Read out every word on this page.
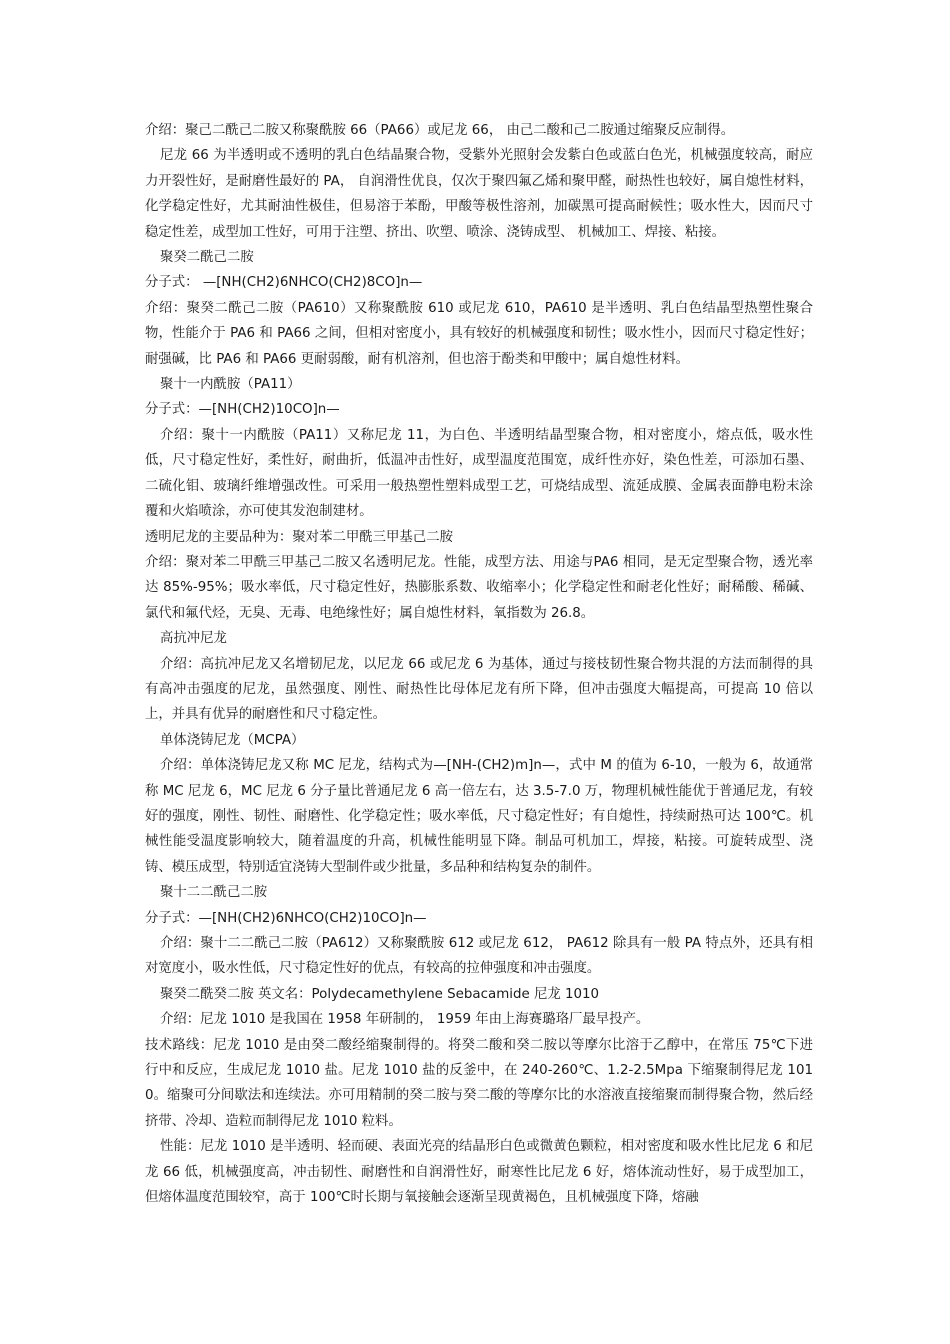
介绍：聚己二酰己二胺又称聚酰胺 66（PA66）或尼龙 66， 由己二酸和己二胺通过缩聚反应制得。

尼龙 66 为半透明或不透明的乳白色结晶聚合物，受紫外光照射会发紫白色或蓝白色光，机械强度较高，耐应力开裂性好，是耐磨性最好的 PA， 自润滑性优良，仅次于聚四氟乙烯和聚甲醛，耐热性也较好，属自熄性材料，化学稳定性好，尤其耐油性极佳，但易溶于苯酚，甲酸等极性溶剂，加碳黑可提高耐候性；吸水性大，因而尺寸稳定性差，成型加工性好，可用于注塑、挤出、吹塑、喷涂、浇铸成型、 机械加工、焊接、粘接。

聚癸二酰己二胺

分子式： —[NH(CH2)6NHCO(CH2)8CO]n—

介绍：聚癸二酰己二胺（PA610）又称聚酰胺 610 或尼龙 610，PA610 是半透明、乳白色结晶型热塑性聚合物，性能介于 PA6 和 PA66 之间，但相对密度小，具有较好的机械强度和韧性；吸水性小，因而尺寸稳定性好；耐强碱，比 PA6 和 PA66 更耐弱酸，耐有机溶剂，但也溶于酚类和甲酸中；属自熄性材料。

聚十一内酰胺（PA11）

分子式：—[NH(CH2)10CO]n—

介绍：聚十一内酰胺（PA11）又称尼龙 11，为白色、半透明结晶型聚合物，相对密度小，熔点低，吸水性低，尺寸稳定性好，柔性好，耐曲折，低温冲击性好，成型温度范围宽，成纤性亦好，染色性差，可添加石墨、二硫化钼、玻璃纤维增强改性。可采用一般热塑性塑料成型工艺，可烧结成型、流延成膜、金属表面静电粉末涂覆和火焰喷涂，亦可使其发泡制建材。

透明尼龙的主要品种为：聚对苯二甲酰三甲基己二胺

介绍：聚对苯二甲酰三甲基己二胺又名透明尼龙。性能，成型方法、用途与PA6 相同，是无定型聚合物，透光率达 85%-95%；吸水率低，尺寸稳定性好，热膨胀系数、收缩率小；化学稳定性和耐老化性好；耐稀酸、稀碱、氯代和氟代烃，无臭、无毒、电绝缘性好；属自熄性材料，氧指数为 26.8。

高抗冲尼龙

介绍：高抗冲尼龙又名增韧尼龙，以尼龙 66 或尼龙 6 为基体，通过与接枝韧性聚合物共混的方法而制得的具有高冲击强度的尼龙，虽然强度、刚性、耐热性比母体尼龙有所下降，但冲击强度大幅提高，可提高 10 倍以上，并具有优异的耐磨性和尺寸稳定性。

单体浇铸尼龙（MCPA）

介绍：单体浇铸尼龙又称 MC 尼龙，结构式为—[NH-(CH2)m]n—，式中 M 的值为 6-10，一般为 6，故通常称 MC 尼龙 6，MC 尼龙 6 分子量比普通尼龙 6 高一倍左右，达 3.5-7.0 万，物理机械性能优于普通尼龙，有较好的强度，刚性、韧性、耐磨性、化学稳定性；吸水率低，尺寸稳定性好；有自熄性，持续耐热可达 100℃。机械性能受温度影响较大，随着温度的升高，机械性能明显下降。制品可机加工，焊接，粘接。可旋转成型、浇铸、模压成型，特别适宜浇铸大型制件或少批量，多品种和结构复杂的制件。

聚十二二酰己二胺

分子式：—[NH(CH2)6NHCO(CH2)10CO]n—

介绍：聚十二二酰己二胺（PA612）又称聚酰胺 612 或尼龙 612， PA612 除具有一般 PA 特点外，还具有相对宽度小，吸水性低，尺寸稳定性好的优点，有较高的拉伸强度和冲击强度。

聚癸二酰癸二胺 英文名：Polydecamethylene Sebacamide 尼龙 1010

介绍：尼龙 1010 是我国在 1958 年研制的， 1959 年由上海赛璐珞厂最早投产。

技术路线：尼龙 1010 是由癸二酸经缩聚制得的。将癸二酸和癸二胺以等摩尔比溶于乙醇中，在常压 75℃下进行中和反应，生成尼龙 1010 盐。尼龙 1010 盐的反釜中，在 240-260℃、1.2-2.5Mpa 下缩聚制得尼龙 1010。缩聚可分间歇法和连续法。亦可用精制的癸二胺与癸二酸的等摩尔比的水溶液直接缩聚而制得聚合物，然后经挤带、冷却、造粒而制得尼龙 1010 粒料。

性能：尼龙 1010 是半透明、轻而硬、表面光亮的结晶形白色或微黄色颗粒，相对密度和吸水性比尼龙 6 和尼龙 66 低，机械强度高，冲击韧性、耐磨性和自润滑性好，耐寒性比尼龙 6 好，熔体流动性好，易于成型加工，但熔体温度范围较窄，高于 100℃时长期与氧接触会逐渐呈现黄褐色，且机械强度下降，熔融
